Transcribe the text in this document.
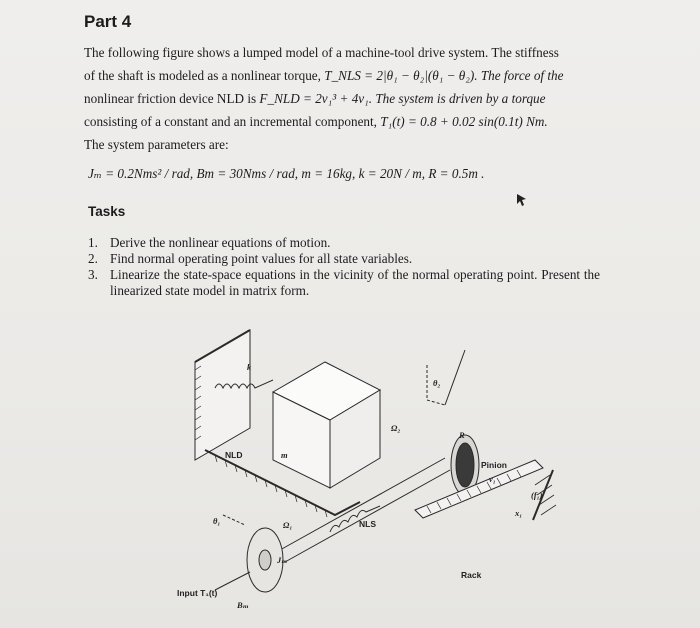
Part 4
The following figure shows a lumped model of a machine-tool drive system. The stiffness
of the shaft is modeled as a nonlinear torque, T_NLS = 2|θ₁ − θ₂|(θ₁ − θ₂). The force of the
nonlinear friction device NLD is F_NLD = 2v₁³ + 4v₁. The system is driven by a torque
consisting of a constant and an incremental component, T₁(t) = 0.8 + 0.02 sin(0.1t) Nm.
The system parameters are:
Jₘ = 0.2Nms² / rad, Bm = 30Nms / rad, m = 16kg, k = 20N / m, R = 0.5m .
Tasks
1. Derive the nonlinear equations of motion.
2. Find normal operating point values for all state variables.
3. Linearize the state-space equations in the vicinity of the normal operating point. Present the linearized state model in matrix form.
k
NLD	m
θ₂
Ω₂
R
Pinion
v₁
(f₁)
x₁
θ₁	Ω₁	NLS
Jₘ
Rack
Input T₁(t)
Bₘ
